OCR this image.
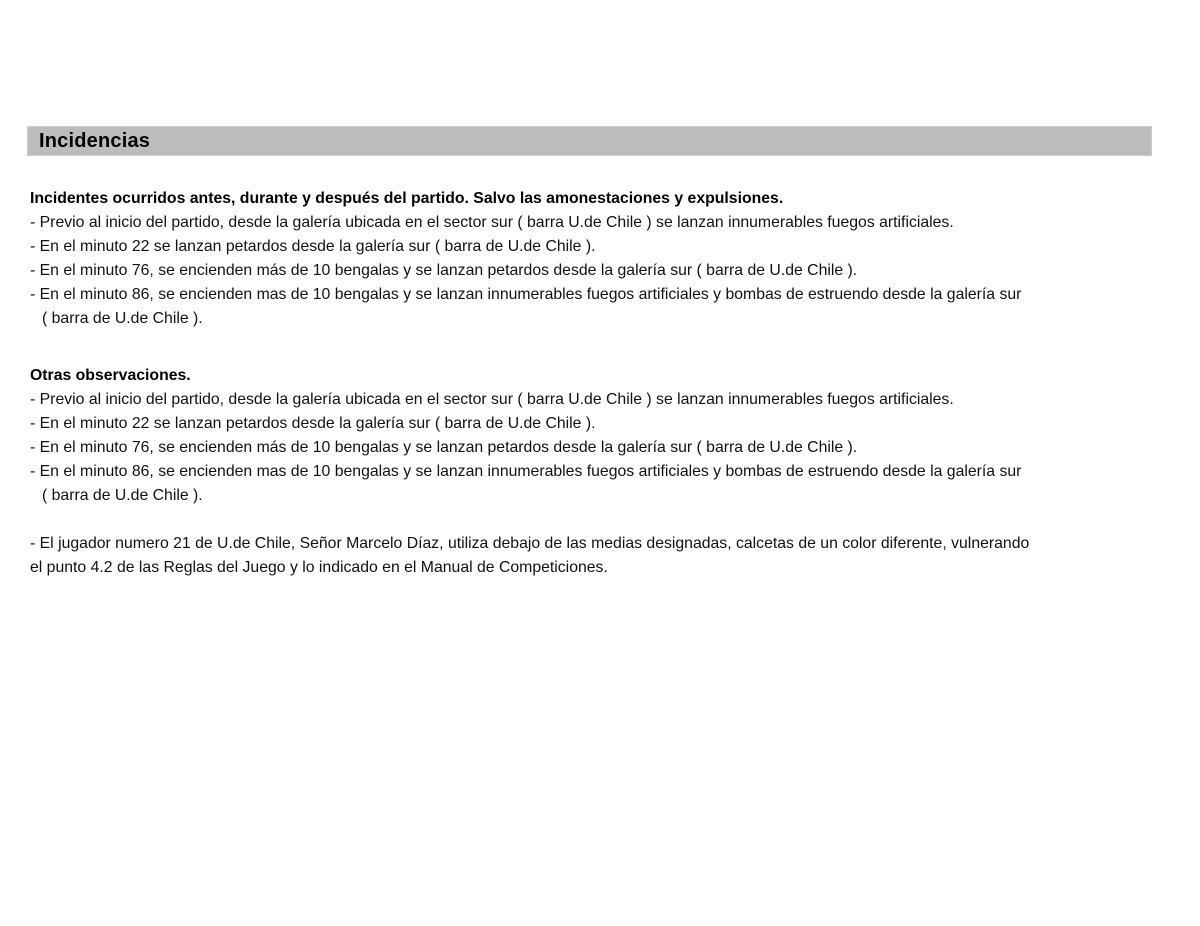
Incidencias

Incidentes ocurridos antes, durante y después del partido. Salvo las amonestaciones y expulsiones.

- Previo al inicio del partido, desde la galería ubicada en el sector sur ( barra U.de Chile ) se lanzan innumerables fuegos artificiales.

- En el minuto 22 se lanzan petardos desde la galería sur ( barra de U.de Chile ).

- En el minuto 76, se encienden más de 10 bengalas y se lanzan petardos desde la galería sur ( barra de U.de Chile ).

- En el minuto 86, se encienden mas de 10 bengalas y se lanzan innumerables fuegos artificiales y bombas de estruendo desde la galería sur

( barra de U.de Chile ).

Otras observaciones.

- Previo al inicio del partido, desde la galería ubicada en el sector sur ( barra U.de Chile ) se lanzan innumerables fuegos artificiales.

- En el minuto 22 se lanzan petardos desde la galería sur ( barra de U.de Chile ).

- En el minuto 76, se encienden más de 10 bengalas y se lanzan petardos desde la galería sur ( barra de U.de Chile ).

- En el minuto 86, se encienden mas de 10 bengalas y se lanzan innumerables fuegos artificiales y bombas de estruendo desde la galería sur

( barra de U.de Chile ).

- El jugador numero 21 de U.de Chile, Señor Marcelo Díaz, utiliza debajo de las medias designadas, calcetas de un color diferente, vulnerando

el punto 4.2 de las Reglas del Juego y lo indicado en el Manual de Competiciones.
